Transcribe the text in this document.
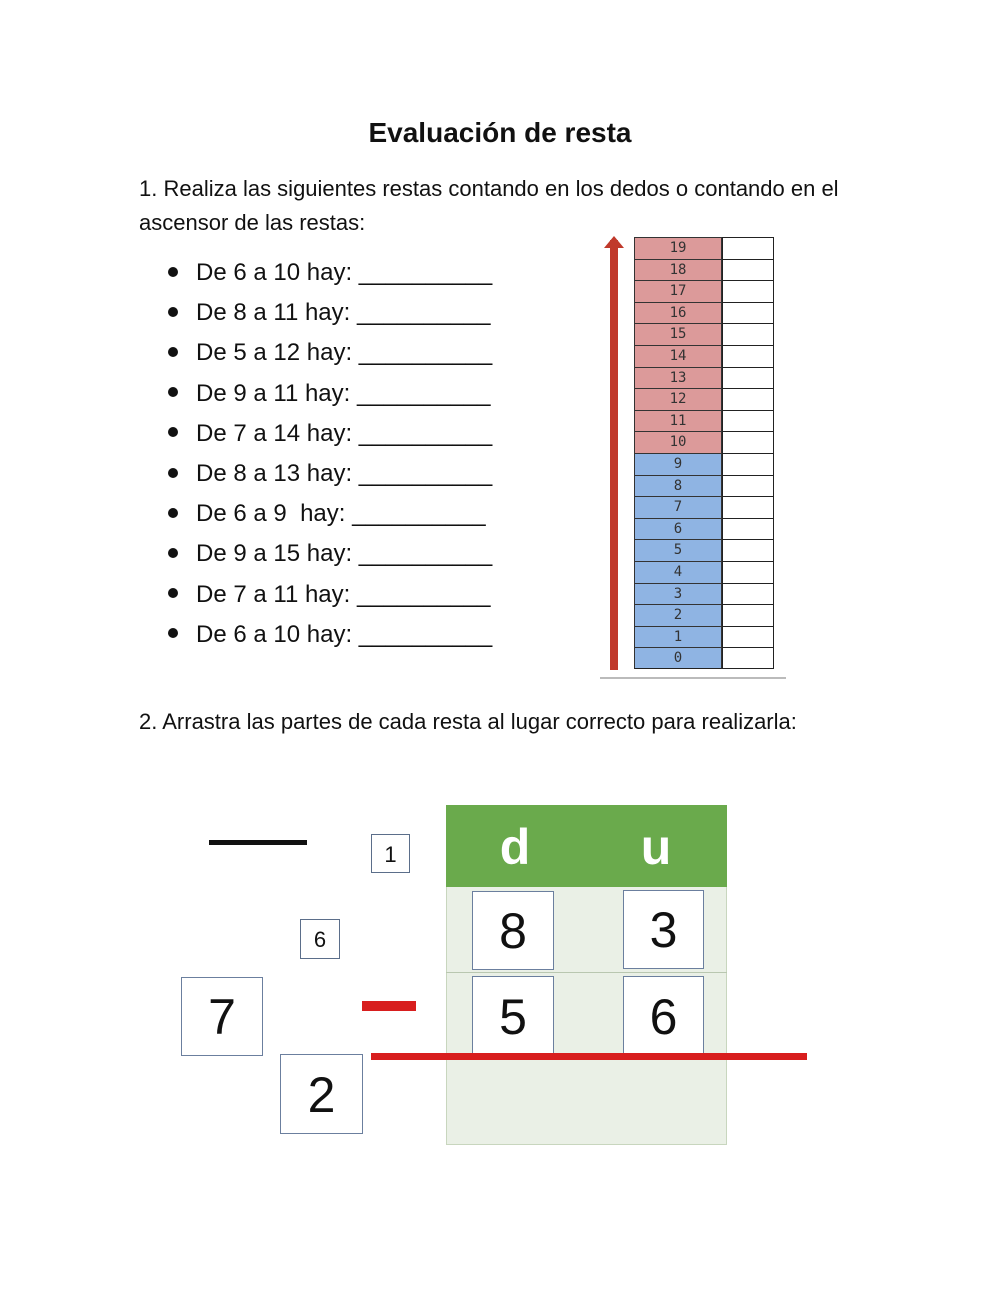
Evaluación de resta
1. Realiza las siguientes restas contando en los dedos o contando en el ascensor de las restas:
De 6 a 10 hay: __________
De 8 a 11 hay: __________
De 5 a 12 hay: __________
De 9 a 11 hay: __________
De 7 a 14 hay: __________
De 8 a 13 hay: __________
De 6 a 9  hay: __________
De 9 a 15 hay: __________
De 7 a 11 hay: __________
De 6 a 10 hay: __________
19
18
17
16
15
14
13
12
11
10
9
8
7
6
5
4
3
2
1
0
2. Arrastra las partes de cada resta al lugar correcto para realizarla:
d	u
8	3
5	6
1
6
7
2
